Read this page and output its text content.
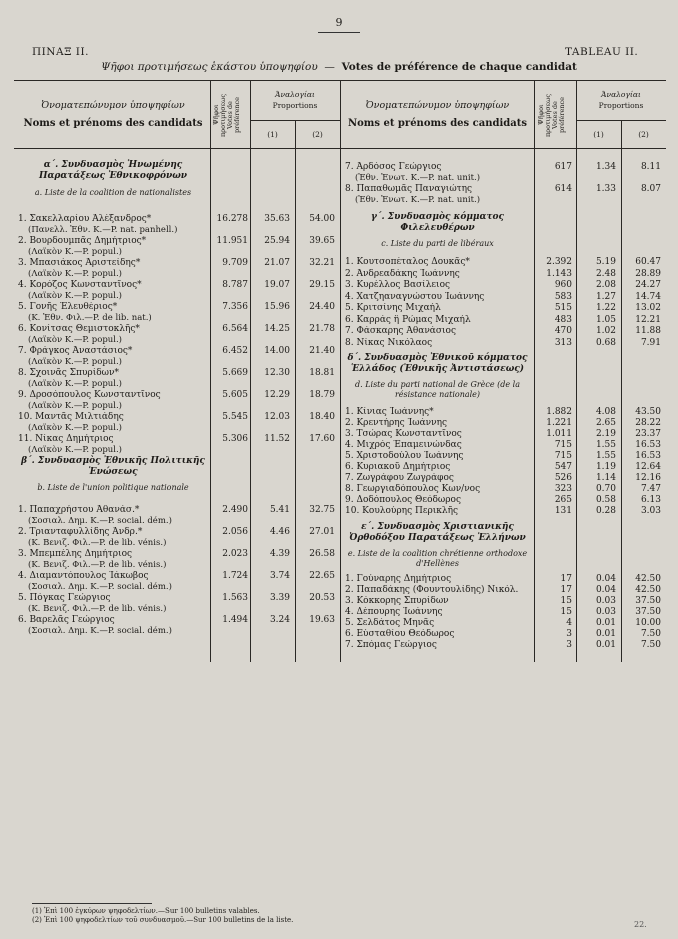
9
ΠΙΝΑΞ II.	TABLEAU II.
Ψῆφοι προτιμήσεως ἑκάστου ὑποψηφίου — Votes de préférence de chaque candidat
Ὀνοματεπώνυμον ὑποψηφίων
Noms et prénoms des candidats	Ψῆφοι προτιμήσεως Votes de préférence
Ἀναλογίαι
Proportions
(1)	(2)
Ὀνοματεπώνυμον ὑποψηφίων
Noms et prénoms des candidats	Ψῆφοι προτιμήσεως Votes de préférence
Ἀναλογίαι
Proportions
(1)	(2)
α΄. Συνδυασμὸς Ἡνωμένης Παρατάξεως Ἐθνικοφρόνων
a. Liste de la coalition de nationalistes
1. Σακελλαρίου Ἀλέξανδρος*
(Πανελλ. Ἐθν. Κ.—P. nat. panhell.)
16.278	35.63	54.00
2. Βουρδουμπᾶς Δημήτριος*
(Λαϊκὸν Κ.—P. popul.)
11.951	25.94	39.65
3. Μπασιάκος Ἀριστείδης*
(Λαϊκὸν Κ.—P. popul.)
9.709	21.07	32.21
4. Κορόζος Κωνσταντῖνος*
(Λαϊκὸν Κ.—P. popul.)
8.787	19.07	29.15
5. Γονῆς Ἐλευθέριος*
(Κ. Ἐθν. Φιλ.—P. de lib. nat.)
7.356	15.96	24.40
6. Κονίτσας Θεμιστοκλῆς*
(Λαϊκὸν Κ.—P. popul.)
6.564	14.25	21.78
7. Φράγκος Ἀναστάσιος*
(Λαϊκὸν Κ.—P. popul.)
6.452	14.00	21.40
8. Σχοινᾶς Σπυρίδων*
(Λαϊκὸν Κ.—P. popul.)
5.669	12.30	18.81
9. Δροσόπουλος Κωνσταντῖνος
(Λαϊκὸν Κ.—P. popul.)
5.605	12.29	18.79
10. Μαντᾶς Μιλτιάδης
(Λαϊκὸν Κ.—P. popul.)
5.545	12.03	18.40
11. Νίκας Δημήτριος
(Λαϊκὸν Κ.—P. popul.)
5.306	11.52	17.60
β΄. Συνδυασμὸς Ἐθνικῆς Πολιτικῆς Ἑνώσεως
b. Liste de l'union politique nationale
1. Παπαχρήστου Ἀθανάσ.*
(Σοσιαλ. Δημ. Κ.—P. social. dém.)
2.490	5.41	32.75
2. Τριανταφυλλίδης Ἀνδρ.*
(Κ. Βενιζ. Φιλ.—P. de lib. vénis.)
2.056	4.46	27.01
3. Μπεμπέλης Δημήτριος
(Κ. Βενιζ. Φιλ.—P. de lib. vénis.)
2.023	4.39	26.58
4. Διαμαντόπουλος Ἰάκωβος
(Σοσιαλ. Δημ. Κ.—P. social. dém.)
1.724	3.74	22.65
5. Πόγκας Γεώργιος
(Κ. Βενιζ. Φιλ.—P. de lib. vénis.)
1.563	3.39	20.53
6. Βαρελᾶς Γεώργιος
(Σοσιαλ. Δημ. Κ.—P. social. dém.)
1.494	3.24	19.63
7. Ἀρδόσος Γεώργιος
(Ἐθν. Ἑνωτ. Κ.—P. nat. unit.)
617	1.34	8.11
8. Παπαθωμᾶς Παναγιώτης
(Ἐθν. Ἑνωτ. Κ.—P. nat. unit.)
614	1.33	8.07
γ΄. Συνδυασμὸς κόμματος Φιλελευθέρων
c. Liste du parti de libéraux
1. Κουτσοπέταλος Δουκᾶς*	2.392	5.19	60.47
2. Ἀνδρεαδάκης Ἰωάννης	1.143	2.48	28.89
3. Κυρέλλος Βασίλειος	960	2.08	24.27
4. Χατζηαναγνώστου Ἰωάννης	583	1.27	14.74
5. Κριτσίνης Μιχαήλ	515	1.22	13.02
6. Καρράς ἢ Ρώμας Μιχαήλ	483	1.05	12.21
7. Φάσκαρης Ἀθανάσιος	470	1.02	11.88
8. Νίκας Νικόλαος	313	0.68	7.91
δ΄. Συνδυασμὸς Ἐθνικοῦ κόμματος Ἑλλάδος (Ἐθνικῆς Ἀντιστάσεως)
d. Liste du parti national de Grèce (de la résistance nationale)
1. Κίνιας Ἰωάννης*	1.882	4.08	43.50
2. Κρεντήρης Ἰωάννης	1.221	2.65	28.22
3. Τσώρας Κωνσταντῖνος	1.011	2.19	23.37
4. Μιχρός Ἐπαμεινώνδας	715	1.55	16.53
5. Χριστοδούλου Ἰωάννης	715	1.55	16.53
6. Κυριακοῦ Δημήτριος	547	1.19	12.64
7. Ζωγράφου Ζωγράφος	526	1.14	12.16
8. Γεωργιαδόπουλος Κων/νος	323	0.70	7.47
9. Δοδόπουλος Θεόδωρος	265	0.58	6.13
10. Κουλούρης Περικλῆς	131	0.28	3.03
ε΄. Συνδυασμὸς Χριστιανικῆς Ὀρθοδόξου Παρατάξεως Ἑλλήνων
e. Liste de la coalition chrétienne orthodoxe d'Hellènes
1. Γούναρης Δημήτριος	17	0.04	42.50
2. Παπαδάκης (Φουντουλίδης) Νικόλ.	17	0.04	42.50
3. Κόκκορης Σπυρίδων	15	0.03	37.50
4. Δέπουρης Ἰωάννης	15	0.03	37.50
5. Σελδάτος Μηνᾶς	4	0.01	10.00
6. Εὐσταθίου Θεόδωρος	3	0.01	7.50
7. Σπόμας Γεώργιος	3	0.01	7.50
(1) Ἐπὶ 100 ἐγκύρων ψηφοδελτίων.—Sur 100 bulletins valables.
(2) Ἐπὶ 100 ψηφοδελτίων τοῦ συνδυασμοῦ.—Sur 100 bulletins de la liste.	22.
